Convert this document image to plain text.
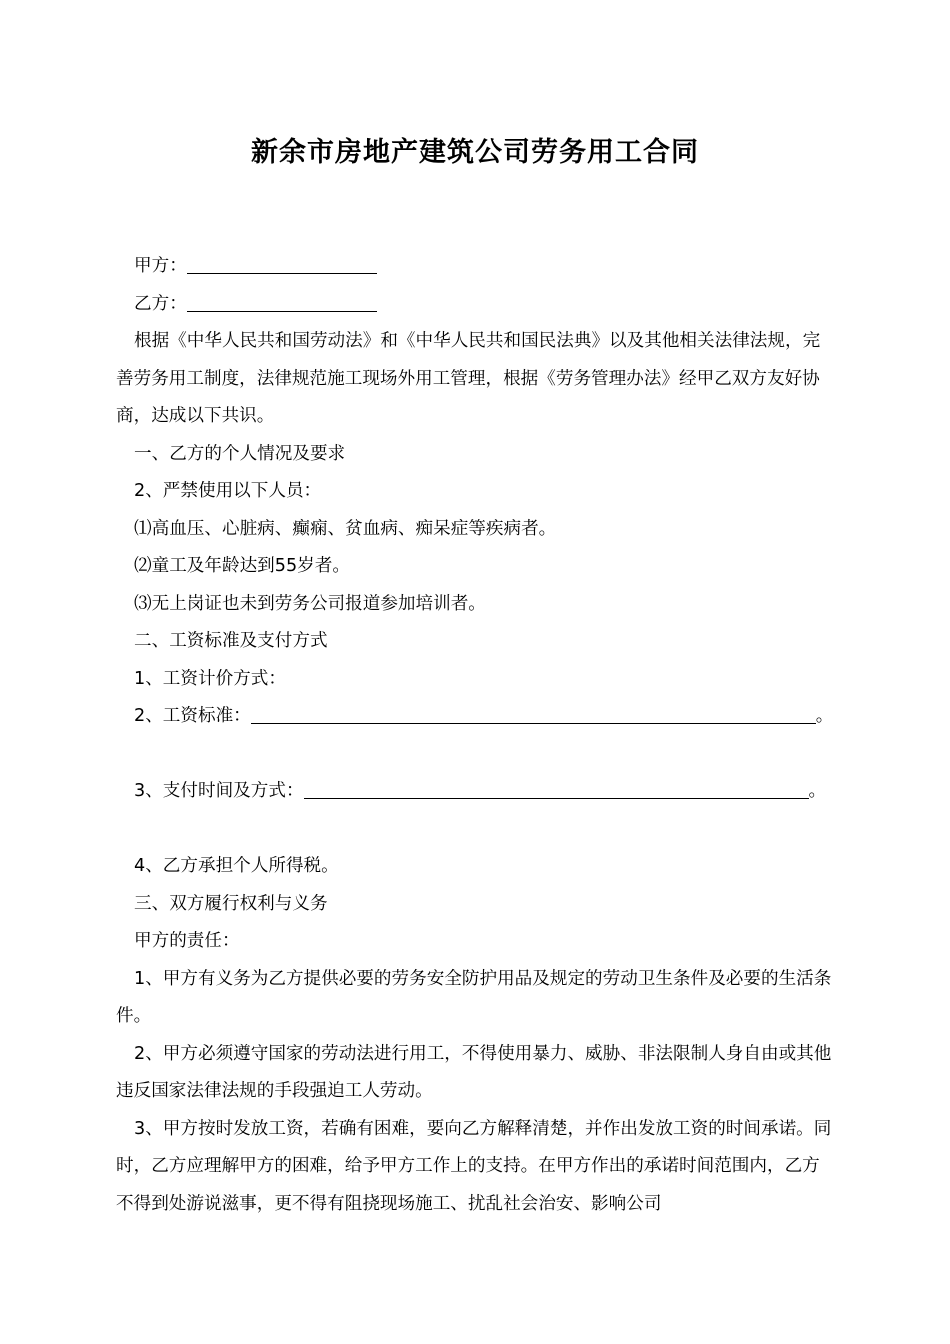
新余市房地产建筑公司劳务用工合同

甲方：

乙方：

根据《中华人民共和国劳动法》和《中华人民共和国民法典》以及其他相关法律法规，完善劳务用工制度，法律规范施工现场外用工管理，根据《劳务管理办法》经甲乙双方友好协商，达成以下共识。

一、乙方的个人情况及要求

2、严禁使用以下人员：

⑴高血压、心脏病、癫痫、贫血病、痴呆症等疾病者。

⑵童工及年龄达到55岁者。

⑶无上岗证也未到劳务公司报道参加培训者。

二、工资标准及支付方式

1、工资计价方式：

2、工资标准：	。

3、支付时间及方式：	。

4、乙方承担个人所得税。

三、双方履行权利与义务

甲方的责任：

1、甲方有义务为乙方提供必要的劳务安全防护用品及规定的劳动卫生条件及必要的生活条件。

2、甲方必须遵守国家的劳动法进行用工，不得使用暴力、威胁、非法限制人身自由或其他违反国家法律法规的手段强迫工人劳动。

3、甲方按时发放工资，若确有困难，要向乙方解释清楚，并作出发放工资的时间承诺。同时，乙方应理解甲方的困难，给予甲方工作上的支持。在甲方作出的承诺时间范围内，乙方不得到处游说滋事，更不得有阻挠现场施工、扰乱社会治安、影响公司
